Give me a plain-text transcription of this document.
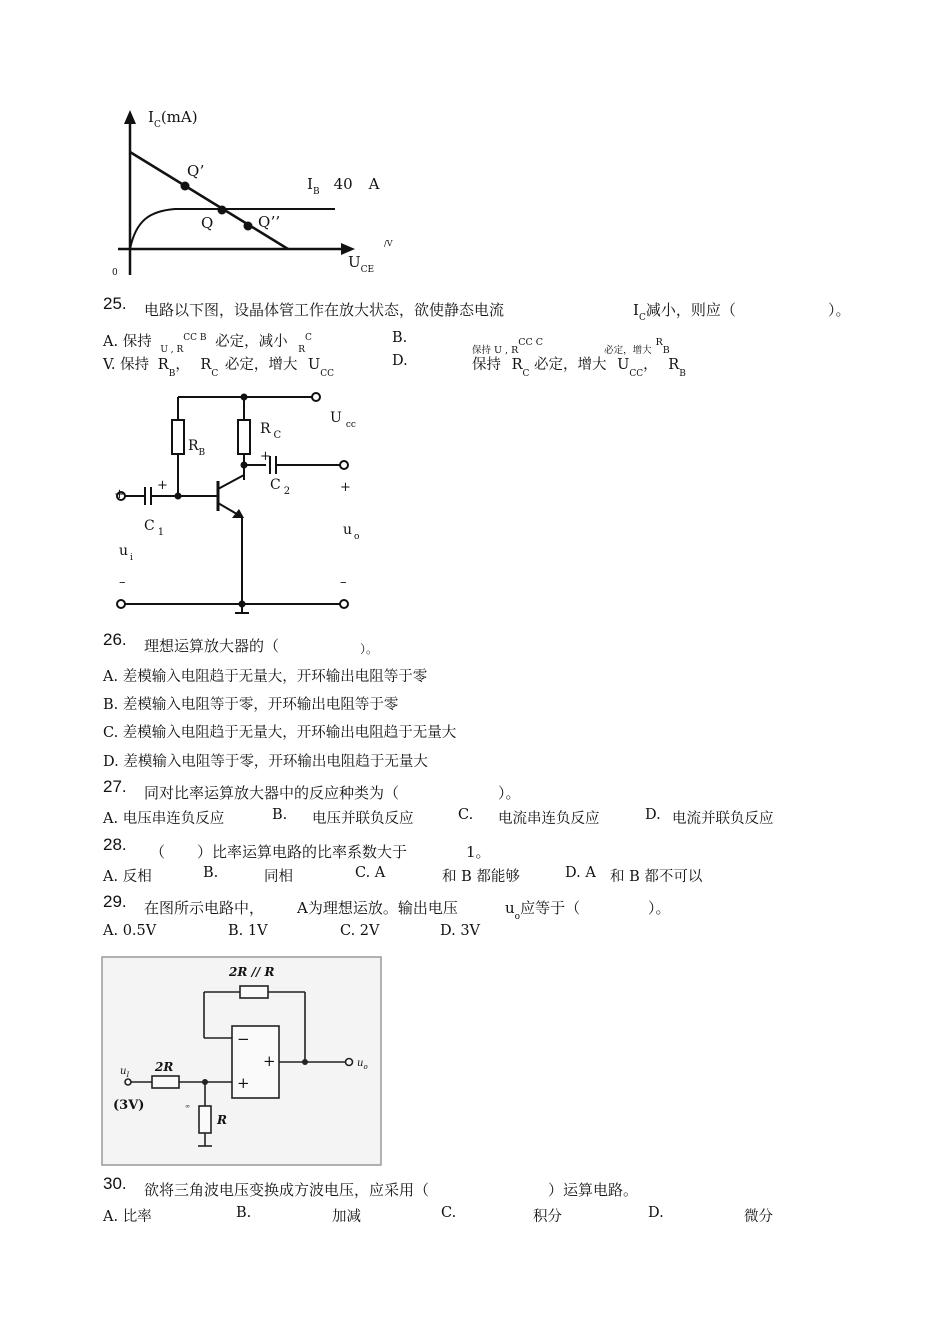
$I_C(mA)$
Q’
Q	Q’’
$I_B$ 40 A
$U_{CE}$
/V
0
25. 电路以下图，设晶体管工作在放大状态，欲使静态电流	$I_C$减小，则应（	）。
A. 保持 $_{U , R}^{CC B}$ 必定，减小 $_R^C$	B.
保持 U , RCC C 必定，增大RB
V. 保持 $R_B$， $R_C$ 必定，增大 $U_{CC}$
D.	保持 $R_C$ 必定，增大 $U_{CC}$， $R_B$
$R_B$
R $_C$
U $_{cc}$
+
C $_2$
+
C $_1$
+
u $_i$
–
+
u $_o$
–
26. 理想运算放大器的（	）。
A. 差模输入电阻趋于无量大，开环输出电阻等于零
B. 差模输入电阻等于零，开环输出电阻等于零
C. 差模输入电阻趋于无量大，开环输出电阻趋于无量大
D. 差模输入电阻等于零，开环输出电阻趋于无量大
27. 同对比率运算放大器中的反应种类为（	）。
A. 电压串连负反应	B. 电压并联负反应	C. 电流串连负反应	D. 电流并联负反应
28. （ ）比率运算电路的比率系数大于	1。
A. 反相	B.	同相	C. A	和 B 都能够	D. A 和 B 都不可以
29. 在图所示电路中， A为理想运放。输出电压	$u_o$应等于（	）。
A. 0.5V	B. 1V	C. 2V	D. 3V
2R // R
2R
R
$u_I$
(3V)
$u_o$
−
+
+
∞
30. 欲将三角波电压变换成方波电压，应采用（	）运算电路。
A. 比率	B.	加减	C.	积分	D.	微分
